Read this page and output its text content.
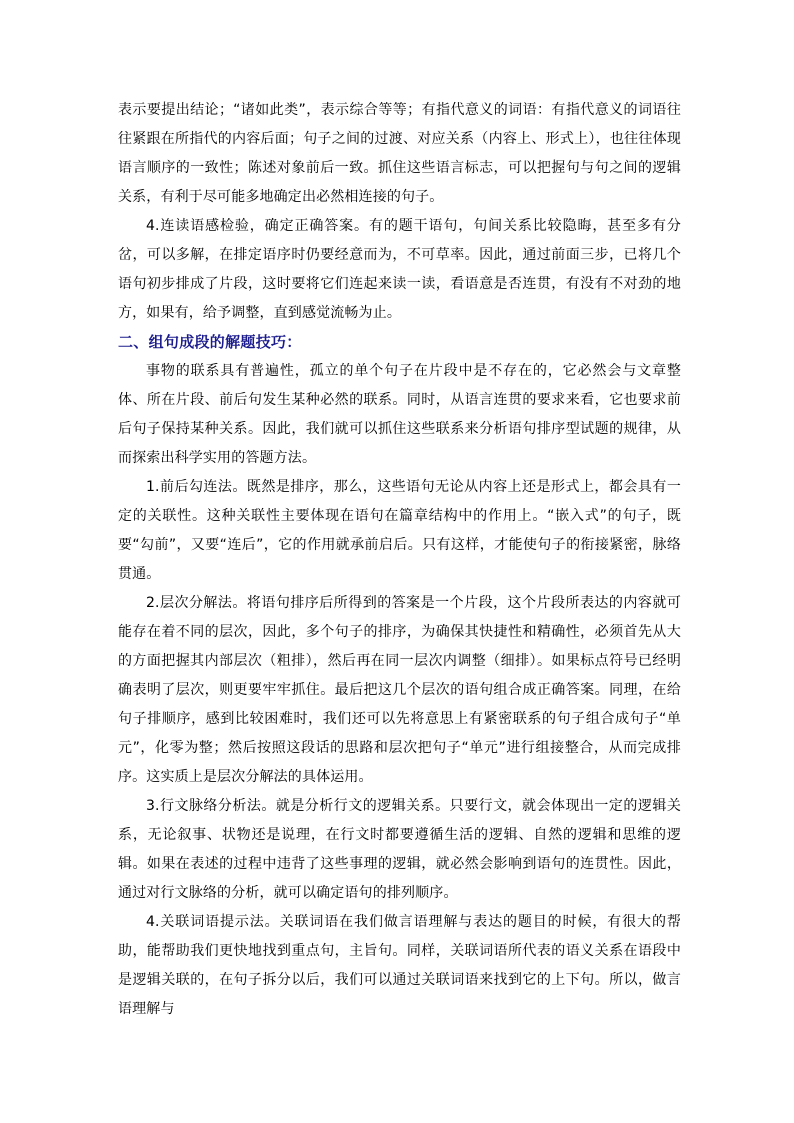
表示要提出结论；“诸如此类”，表示综合等等；有指代意义的词语：有指代意义的词语往往紧跟在所指代的内容后面；句子之间的过渡、对应关系（内容上、形式上），也往往体现语言顺序的一致性；陈述对象前后一致。抓住这些语言标志，可以把握句与句之间的逻辑关系，有利于尽可能多地确定出必然相连接的句子。

4.连读语感检验，确定正确答案。有的题干语句，句间关系比较隐晦，甚至多有分岔，可以多解，在排定语序时仍要经意而为，不可草率。因此，通过前面三步，已将几个语句初步排成了片段，这时要将它们连起来读一读，看语意是否连贯，有没有不对劲的地方，如果有，给予调整，直到感觉流畅为止。

二、组句成段的解题技巧：

事物的联系具有普遍性，孤立的单个句子在片段中是不存在的，它必然会与文章整体、所在片段、前后句发生某种必然的联系。同时，从语言连贯的要求来看，它也要求前后句子保持某种关系。因此，我们就可以抓住这些联系来分析语句排序型试题的规律，从而探索出科学实用的答题方法。

1.前后勾连法。既然是排序，那么，这些语句无论从内容上还是形式上，都会具有一定的关联性。这种关联性主要体现在语句在篇章结构中的作用上。“嵌入式”的句子，既要“勾前”，又要“连后”，它的作用就承前启后。只有这样，才能使句子的衔接紧密，脉络贯通。

2.层次分解法。将语句排序后所得到的答案是一个片段，这个片段所表达的内容就可能存在着不同的层次，因此，多个句子的排序，为确保其快捷性和精确性，必须首先从大的方面把握其内部层次（粗排），然后再在同一层次内调整（细排）。如果标点符号已经明确表明了层次，则更要牢牢抓住。最后把这几个层次的语句组合成正确答案。同理，在给句子排顺序，感到比较困难时，我们还可以先将意思上有紧密联系的句子组合成句子“单元”，化零为整；然后按照这段话的思路和层次把句子“单元”进行组接整合，从而完成排序。这实质上是层次分解法的具体运用。

3.行文脉络分析法。就是分析行文的逻辑关系。只要行文，就会体现出一定的逻辑关系，无论叙事、状物还是说理，在行文时都要遵循生活的逻辑、自然的逻辑和思维的逻辑。如果在表述的过程中违背了这些事理的逻辑，就必然会影响到语句的连贯性。因此，通过对行文脉络的分析，就可以确定语句的排列顺序。

4.关联词语提示法。关联词语在我们做言语理解与表达的题目的时候，有很大的帮助，能帮助我们更快地找到重点句，主旨句。同样，关联词语所代表的语义关系在语段中是逻辑关联的，在句子拆分以后，我们可以通过关联词语来找到它的上下句。所以，做言语理解与
